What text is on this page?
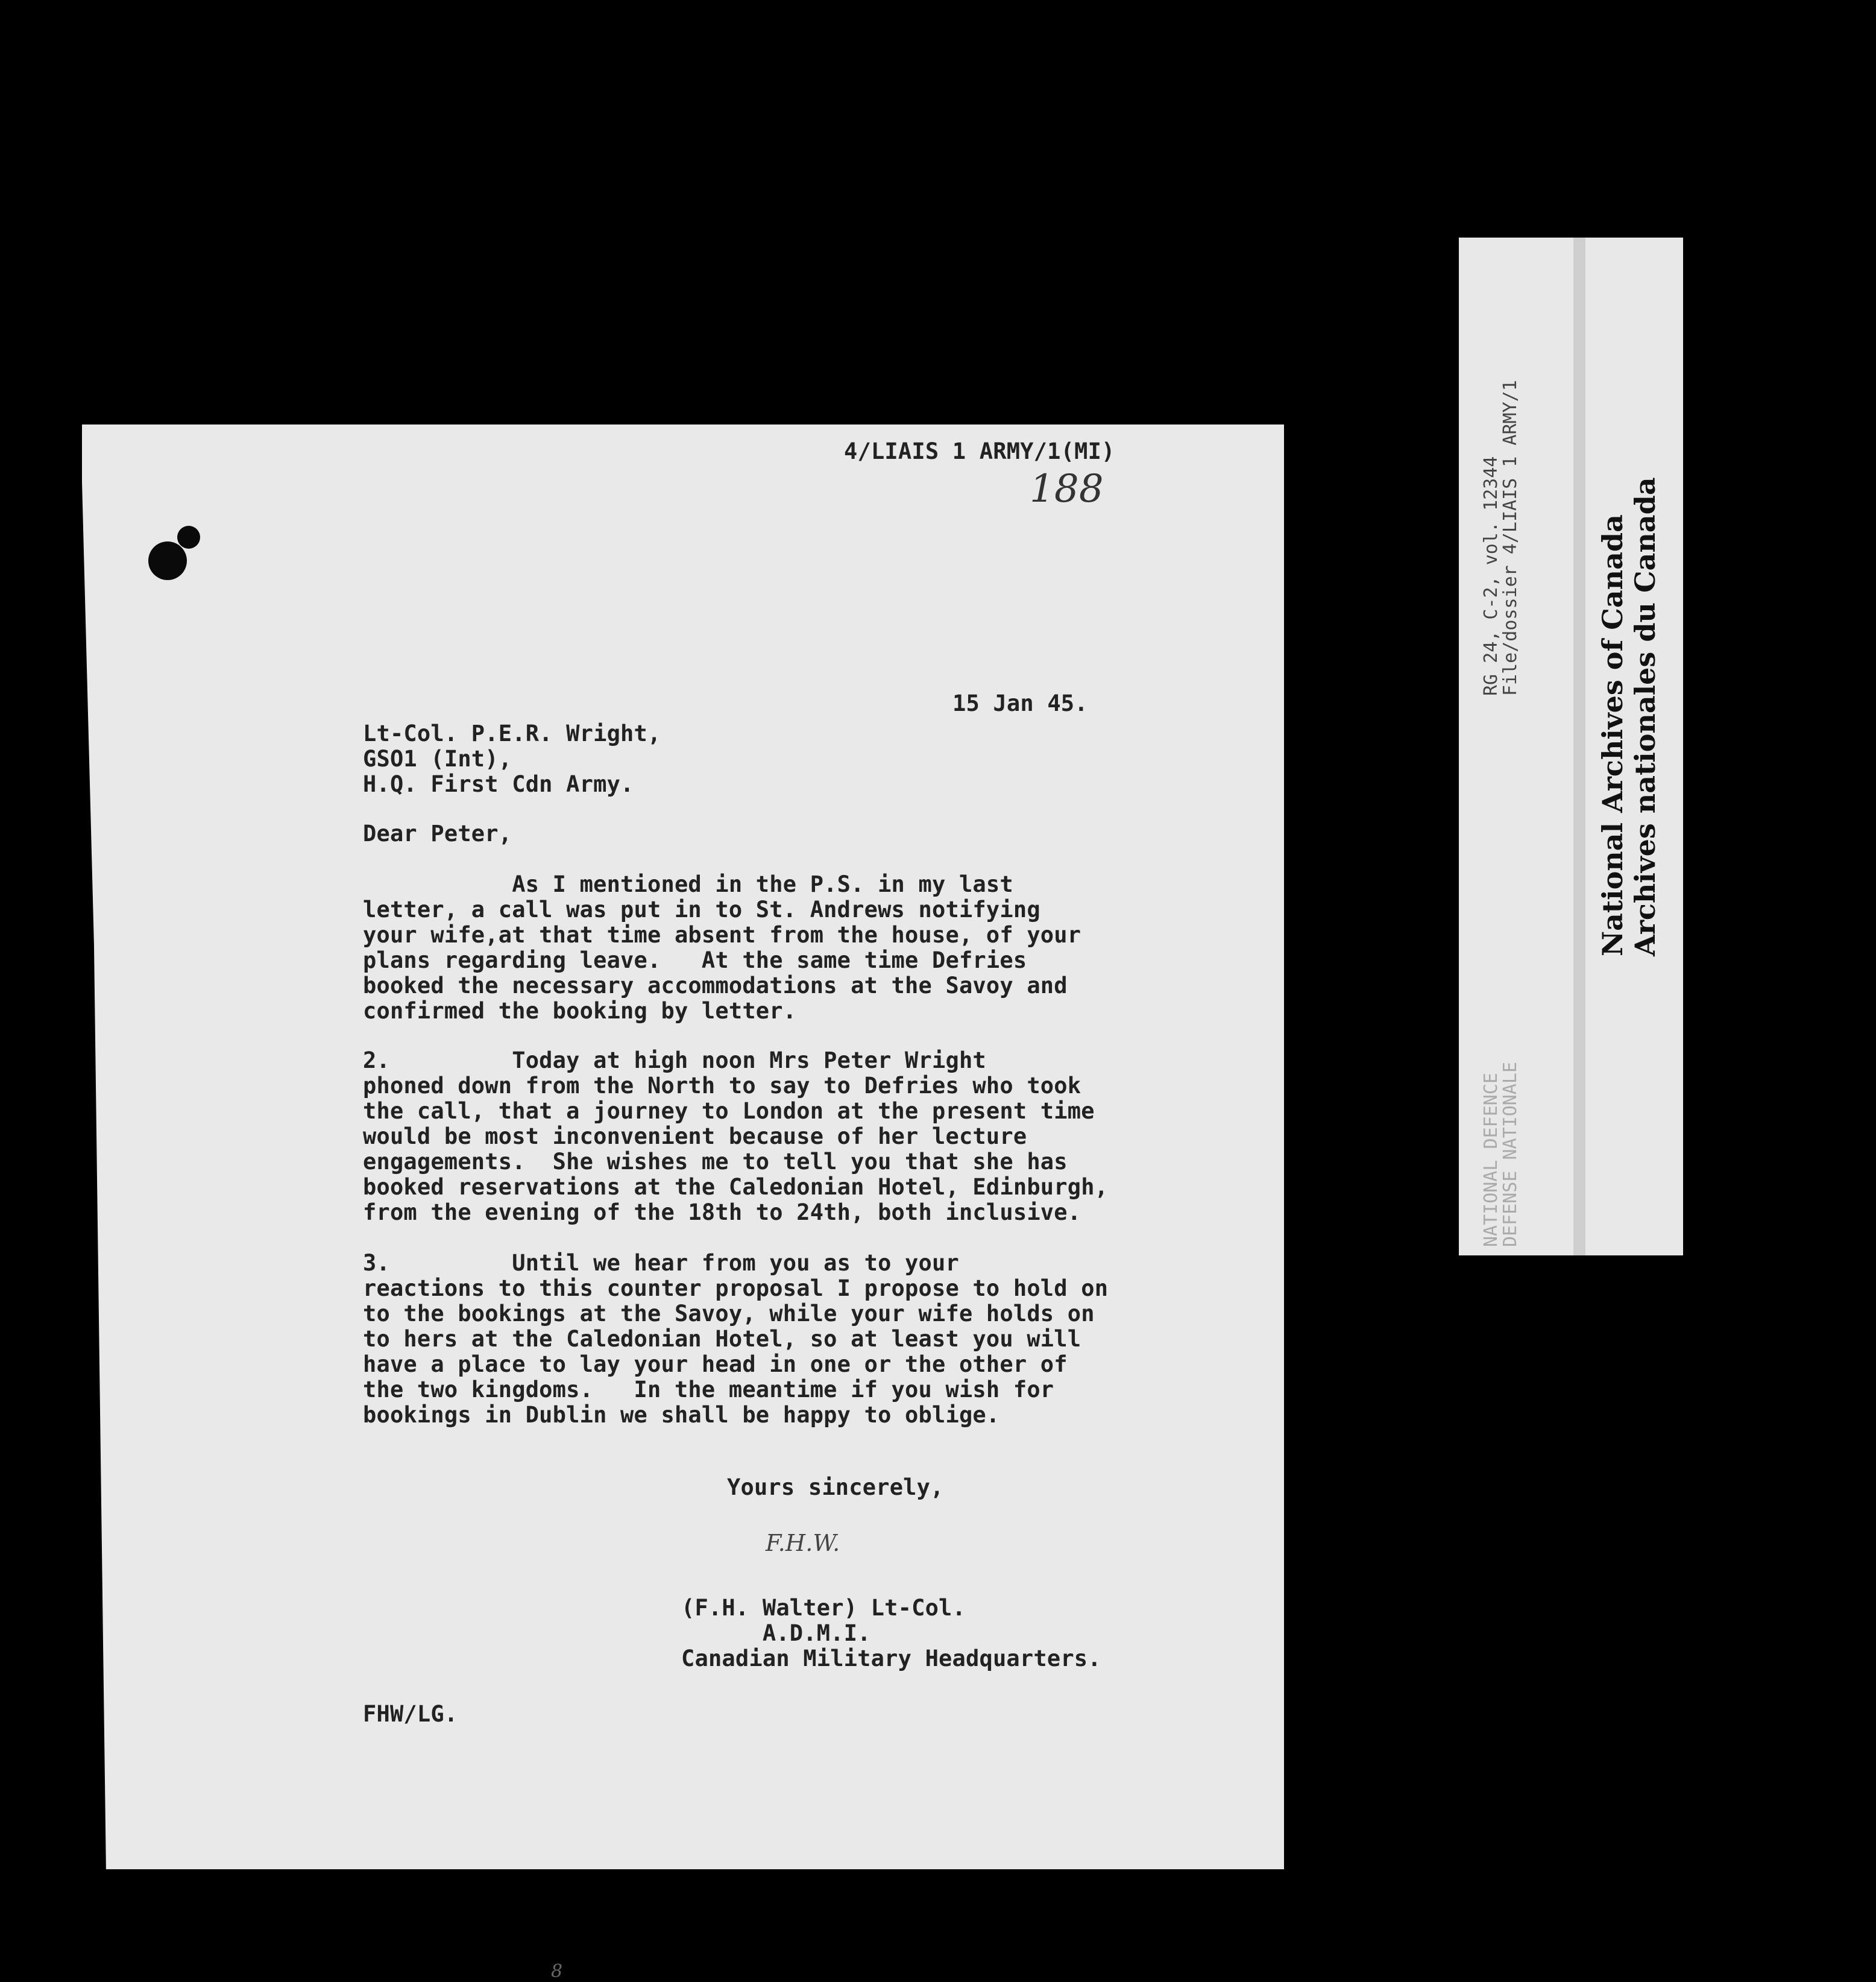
4/LIAIS 1 ARMY/1(MI)
188
15 Jan 45.
Lt-Col. P.E.R. Wright,
GSO1 (Int),
H.Q. First Cdn Army.
Dear Peter,
As I mentioned in the P.S. in my last
letter, a call was put in to St. Andrews notifying
your wife,at that time absent from the house, of your
plans regarding leave.   At the same time Defries
booked the necessary accommodations at the Savoy and
confirmed the booking by letter.
2.         Today at high noon Mrs Peter Wright
phoned down from the North to say to Defries who took
the call, that a journey to London at the present time
would be most inconvenient because of her lecture
engagements.  She wishes me to tell you that she has
booked reservations at the Caledonian Hotel, Edinburgh,
from the evening of the 18th to 24th, both inclusive.
3.         Until we hear from you as to your
reactions to this counter proposal I propose to hold on
to the bookings at the Savoy, while your wife holds on
to hers at the Caledonian Hotel, so at least you will
have a place to lay your head in one or the other of
the two kingdoms.   In the meantime if you wish for
bookings in Dublin we shall be happy to oblige.
Yours sincerely,
F.H.W.
(F.H. Walter) Lt-Col.
A.D.M.I.
Canadian Military Headquarters.
FHW/LG.
8
NATIONAL DEFENCE
DEFENSE NATIONALE
RG 24, C-2, vol. 12344
File/dossier 4/LIAIS 1 ARMY/1	National Archives of Canada Archives nationales du Canada
